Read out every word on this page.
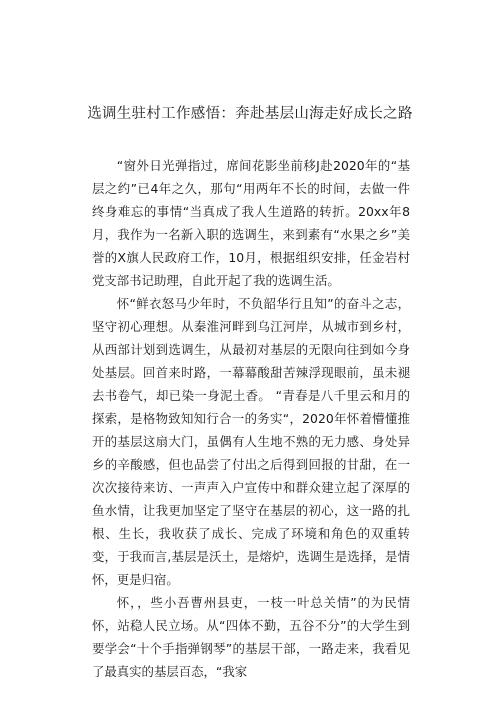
选调生驻村工作感悟：奔赴基层山海走好成长之路

“窗外日光弹指过，席间花影坐前移J赴2020年的“基层之约”已4年之久，那句“用两年不长的时间，去做一件终身难忘的事情“当真成了我人生道路的转折。20xx年8月，我作为一名新入职的选调生，来到素有“水果之乡”美誉的X旗人民政府工作，10月，根据组织安排，任金岩村党支部书记助理，自此开起了我的选调生活。

怀“鲜衣怒马少年时，不负韶华行且知”的奋斗之志，坚守初心理想。从秦淮河畔到乌江河岸，从城市到乡村，从西部计划到选调生，从最初对基层的无限向往到如今身处基层。回首来时路，一幕幕酸甜苦辣浮现眼前，虽未褪去书卷气，却已染一身泥土香。 “青春是八千里云和月的探索，是格物致知知行合一的务实“，2020年怀着懵懂推开的基层这扇大门，虽偶有人生地不熟的无力感、身处异乡的辛酸感，但也品尝了付出之后得到回报的甘甜，在一次次接待来访、一声声入户宣传中和群众建立起了深厚的鱼水情，让我更加坚定了坚守在基层的初心，这一路的扎根、生长，我收获了成长、完成了环境和角色的双重转变，于我而言,基层是沃土，是熔炉，选调生是选择，是情怀，更是归宿。

怀，，些小吾曹州县吏，一枝一叶总关情”的为民情怀，站稳人民立场。从“四体不勤，五谷不分”的大学生到要学会“十个手指弹钢琴”的基层干部，一路走来，我看见了最真实的基层百态，“我家
